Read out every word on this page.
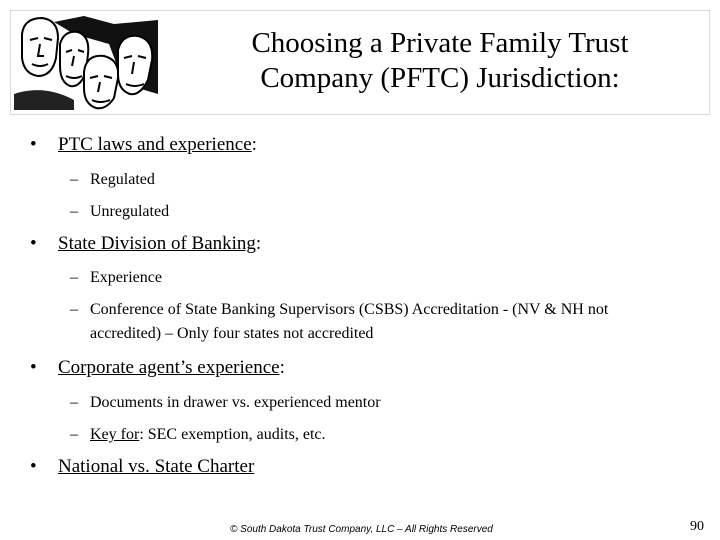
Choosing a Private Family Trust
Company (PFTC) Jurisdiction:
• PTC laws and experience:
– Regulated
– Unregulated
• State Division of Banking:
– Experience
– Conference of State Banking Supervisors (CSBS) Accreditation - (NV & NH not accredited) – Only four states not accredited
• Corporate agent’s experience:
– Documents in drawer vs. experienced mentor
– Key for: SEC exemption, audits, etc.
• National vs. State Charter
© South Dakota Trust Company, LLC – All Rights Reserved	90
